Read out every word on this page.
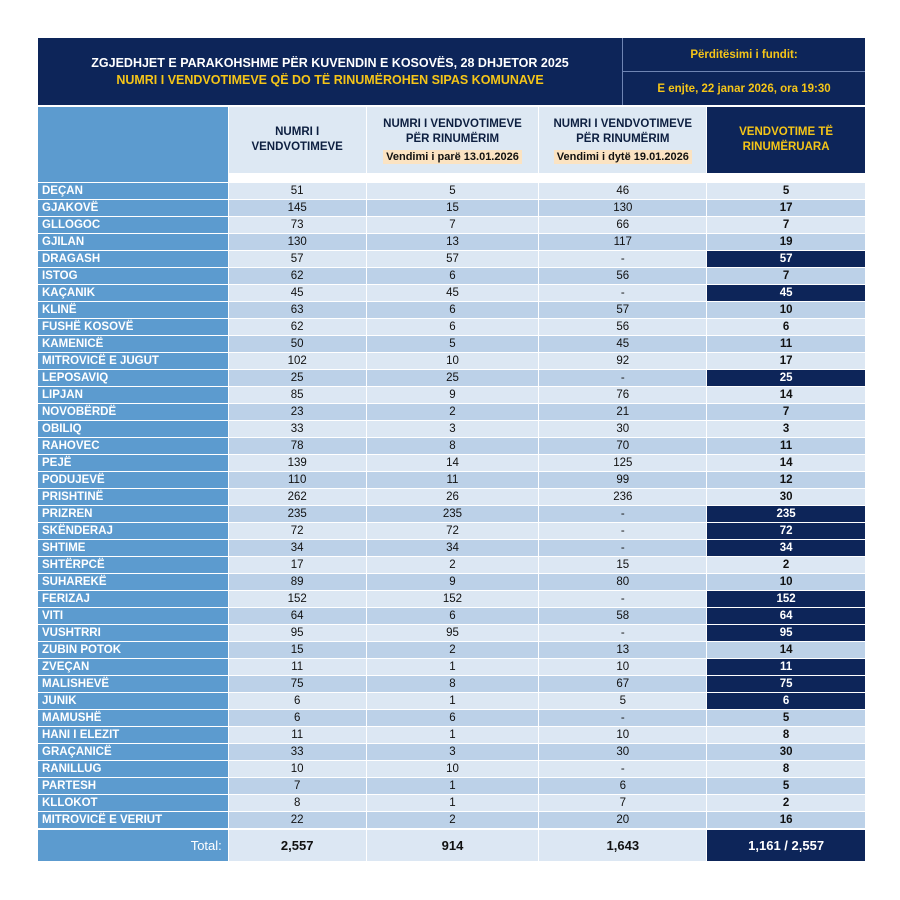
ZGJEDHJET E PARAKOHSHME PËR KUVENDIN E KOSOVËS, 28 DHJETOR 2025
NUMRI I VENDVOTIMEVE QË DO TË RINUMËROHEN SIPAS KOMUNAVE
Përditësimi i fundit:
E enjte, 22 janar 2026, ora 19:30
NUMRI I VENDVOTIMEVE
NUMRI I VENDVOTIMEVE PËR RINUMËRIM
Vendimi i parë 13.01.2026
NUMRI I VENDVOTIMEVE PËR RINUMËRIM
Vendimi i dytë 19.01.2026
VENDVOTIME TË RINUMËRUARA
DEÇAN	51	5	46	5
GJAKOVË	145	15	130	17
GLLOGOC	73	7	66	7
GJILAN	130	13	117	19
DRAGASH	57	57	-	57
ISTOG	62	6	56	7
KAÇANIK	45	45	-	45
KLINË	63	6	57	10
FUSHË KOSOVË	62	6	56	6
KAMENICË	50	5	45	11
MITROVICË E JUGUT	102	10	92	17
LEPOSAVIQ	25	25	-	25
LIPJAN	85	9	76	14
NOVOBËRDË	23	2	21	7
OBILIQ	33	3	30	3
RAHOVEC	78	8	70	11
PEJË	139	14	125	14
PODUJEVË	110	11	99	12
PRISHTINË	262	26	236	30
PRIZREN	235	235	-	235
SKËNDERAJ	72	72	-	72
SHTIME	34	34	-	34
SHTËRPCË	17	2	15	2
SUHAREKË	89	9	80	10
FERIZAJ	152	152	-	152
VITI	64	6	58	64
VUSHTRRI	95	95	-	95
ZUBIN POTOK	15	2	13	14
ZVEÇAN	11	1	10	11
MALISHEVË	75	8	67	75
JUNIK	6	1	5	6
MAMUSHË	6	6	-	5
HANI I ELEZIT	11	1	10	8
GRAÇANICË	33	3	30	30
RANILLUG	10	10	-	8
PARTESH	7	1	6	5
KLLOKOT	8	1	7	2
MITROVICË E VERIUT	22	2	20	16
Total:	2,557	914	1,643	1,161 / 2,557
